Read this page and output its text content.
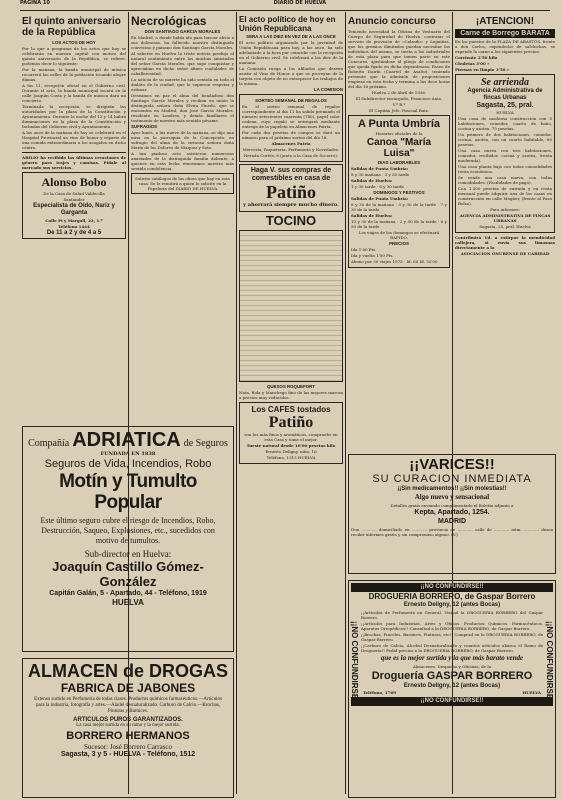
PAGINA 10	DIARIO DE HUELVA
El quinto aniversario de la República
LOS ACTOS DE HOY

Por lo que a programa de los actos que hoy se celebrarán en nuestra capital con motivo del quinto aniversario de la República, se refiere, podemos decir lo siguiente:

Por la mañana, la banda municipal de música recorrerá las calles de la población tocando alegre dianas.

A las 11, recepción oficial en el Gobierno civil. Durante el acto, la banda municipal tocará en la calle Joaquín Costa y la banda de música dará un concierto.

Terminada la recepción, se dirigirán las autoridades por la plaza de la Constitución y Ayuntamiento. Durante la noche del 13 y 14 habrá iluminaciones en la plaza de la Constitución y fachadas del Gobierno civil y Ayuntamiento.

A las once de la mañana de hoy se celebrará en el Hospital Provincial un vino de honor y reparto de una comida extraordinaria a los acogidos en dicho centro.

ABILIO ha recibido las últimas creaciones de género para trajes y camisas. Pídale al mercado sus servicios.

Alonso Bobo
De la Casa de Salud Valdecilla
Santander
Especialista de Oído, Nariz y Garganta
Calle Pi y Margall, 22, 1.º
Teléfono 1444
De 11 a 2 y de 4 a 5
Necrológicas
DON SANTIAGO GARCIA MORALES

En Madrid, a donde había ido para buscar alivio a sus dolencias, ha fallecido nuestro distinguido convecino y paisano don Santiago García Morales.

Al saberse en Huelva la triste noticia produjo el natural sentimiento entre las muchas amistades del señor García Morales, que supo conquistar y apreciaban en dicho señor afines cualidades de caballerosidad.

La noticia de su muerte ha sido sentida en todo el ámbito de la ciudad, que lo supieron respetar y estimar.

Deseamos en paz el alma del bondadoso don Santiago García Morales y reciban en unión la distinguida señora doña Elvira Pinedo, que se encuentra en Madrid, don José García Morales, residente en Londres, y demás familiares el testimonio de nuestro más sentido pésame.

SUFRAGIOS

Ayer lunes, a las nueve de la mañana, se dijo una misa en la parroquia de la Concepción, en sufragio del alma de la virtuosa señora doña María de los Dolores de Vázquez y Soto.

A tan piadoso acto asistieron numerosas amistades de la distinguida familia doliente, a quienes en esta fecha renovamos nuestra más sentida condolencia.

Solicite catálogos de las obras que hay en esta casa. Se le remitirá a quien lo solicite en la Papelería del DIARIO DE HUELVA
El acto político de hoy en Unión Republicana
SERA A LAS DIEZ EN VEZ DE A LAS ONCE

El acto político organizado por la juventud de Unión Republicana para hoy, a las once, ha sido adelantado a la hora por coincidir con la recepción en el Gobierno civil. Se celebrará a las diez de la mañana.

La Comisión ruega a los afiliados que deseen asistir al Vino de Honor a que se proveyan de la tarjeta con objeto de no entorpecer los trabajos de la misma.

LA COMISION
SORTEO SEMANAL DE REGALOS

En el sorteo semanal de regalos correspondiente al día 11 ha salido premiado el número setecientos cuarenta (740), papel color cadena, cuyo regalo se entregará mediante entrega de la papeleta en Almacenes Patria.

Por cada dos pesetas de compra se dará un número para el próximo sorteo del día 18.

Almacenes Patria
Mercería, Paquetería, Perfumería y Novedades.
Hernán Cortés, 6 (junto a la Casa de Socorro).
Haga V. sus compras de comestibles en casa de
Patiño
y ahorrará siempre mucho dinero.
TOCINO
QUESOS ROQUEFORT

Nata, Bola y Manchego fino de las mejores marcas a precios muy reducidos.

Los CAFES tostados
Patiño
son los más finos y aromáticos, compruebe en esta Casa y tome el mejor.
Tueste natural desde 10'00 pesetas kilo
Ernesto Deligny, núm. 16
Teléfono, 1315 HUELVA
Anuncio concurso

Teniendo necesidad la Oficina de Vestuario del Cuerpo de Seguridad de Huelva, contratar el servicio de provisión de «Calzado» y Leguiñas, que los gremios ilimitados puedan necesitar los individuos del mismo, se invita a los industriales de esta plaza para que tomen parte en este Concurso, ajustándose al pliego de condiciones que queda fijado en dicha dependencia, Paseo de Roberto Dairín (Cuartel de Asalto), teniendo presente que la admisión de proposiciones empieza en esta fecha y termina a las doce horas del día 16 próximo.

Huelva 2 de Abril de 1936.
El Subdirector encargado, Francisco Ania.
V.º B.º
El Capitán Jefe, Pascual Ruiz.
A Punta Umbría
Horarios oficiales de la
Canoa "María Luisa"
DIAS LABORABLES
Salidas de Punta Umbría:
8 y 30 mañana · 3 y 30 tarde
Salidas de Huelva:
1 y 30 tarde · 6 y 30 tarde
DOMINGOS Y FESTIVOS
Salidas de Punta Umbría:
8 y 30 de la mañana · 3 y 30 de la tarde · 7 y 30 de la tarde
Salidas de Huelva:
10 y 30 de la mañana · 2 y 30 de la tarde · 6 y 30 de la tarde
Los viajes de los domingos se efectuará RAPIDO.
PRECIOS
Ida 1'00 Pts.
Ida y vuelta 1'50 Pts.
Abono por 30 viajes 1975 · Id. 60 Id. 32'00
¡ATENCION!
Carne de Borrego BARATA

En los puestos de la PLAZA DE ABASTOS, frente a don Carlos, expendedor de salchichas, se expende la carne a los siguientes precios:

Corriente 2'50 kilo
Chuletas 3'00 »
Piernas en limpio 3'50 »
Se arrienda
Agencia Administrativa de fincas Urbanas
Sagasta, 25, pral.
HUELVA

Una casa de moderna construcción con 5 habitaciones, comedor, cuarto de baño, cocina y azotea. 75 pesetas.

Un primero de dos habitaciones, comedor, cocina, azotea, con un cuarto habitable, 60 pesetas.

Una casa nueva con tres habitaciones, comedor, recibidor, cocina y azotea, (renta moderada).

Una casa planta baja con todas comodidades renta económica.

Se vende una casa nueva, con todas comodidades. (Facilidades de pago).

Con 1.500 pesetas de entrada y en renta mensual puede adquirir una de las casas en construcción en calle Mogüer, (frente al Paso Bolsa).

Para informes:
AGENCIA ADMINISTRATIVA DE FINCAS URBANAS
Sagasta, 25, pral. Huelva

Contribuirá Vd. a extirpar la mendicidad callejera, si envía sus limosnas directamente a la

ASOCIACION ONUBENSE DE CARIDAD
Compañía ADRIATICA de Seguros
FUNDADA EN 1838
Seguros de Vida, Incendios, Robo
Motín y Tumulto Popular
Este último seguro cubre el riesgo de Incendios, Robo, Destrucción, Saqueo, Explosiones, etc., sucedidos con motivo de tumultos.
Sub-director en Huelva:
Joaquín Castillo Gómez-González
Capitán Galán, 5 - Apartado, 44 - Teléfono, 1919
HUELVA
ALMACEN de DROGAS
FABRICA DE JABONES
Extenso surtido en Perfumería de todas clases. Productos químicos farmacéuticos.—Artículos para la industria, fotografía y artes.—Aladel desnaturalizado. Carburo de Calcio.—Brochas, Pinturas y Barnices.
ARTICULOS PUROS GARANTIZADOS.
La casa mejor surtida en su ramo y la mejor surtida.
BORRERO HERMANOS
Sucesor: José Borrero Carrasco
Sagasta, 3 y 5 - HUELVA - Teléfono, 1512
¡¡VARICES!!
SU CURACION INMEDIATA
¡¡Sin medicamentos!! ¡¡Sin molestias!!
Algo nuevo y sensacional
Detalles gratis enviando cumplimentado el Boletín adjunto a
Kepta, Apartado, 1254.
MADRID
Don ............ domiciliado en ............ provincia de ............ calle de ............ núm. ............ desea recibir informes gratis y sin compromiso alguno. (V.)
¡¡NO CONFUNDIRSE!!
DROGUERIA BORRERO, de Gaspar Borrero
Ernesto Deligny, 12 (antes Bocas)

¡¡Artículos de Perfumería en General. Visitad la DROGUERIA BORRERO del Gaspar Borrero.

¡¡Artículos para Industrias, Artes y Oficios. Productos Químicos. Farmacéuticos. Aparatos Ortopédicos!! Consultad a la DROGUERIA BORRERO, de Gaspar Borrero.

¡¡Brochas, Pinceles, Barnices, Pinturas, etc!! Comprad en la DROGUERIA BORRERO, de Gaspar Borrero.

¡¡Carburo de Calcio, Alcohol Desnaturalizado y cuantos artículos abarca el Ramo de Droguería!! Pedid precios a la DROGUERIA BORRERO, de Gaspar Borrero.

que es la mejor surtida y la que más barato vende
Almacenes, Despacho y Oficinas, de la
Droguería GASPAR BORRERO
Ernesto Deligny, 12 (antes Bocas)
Teléfono, 1769	HUELVA
¡¡NO CONFUNDIRSE!!
¡¡NO CONFUNDIRSE!!	¡¡NO CONFUNDIRSE!!
